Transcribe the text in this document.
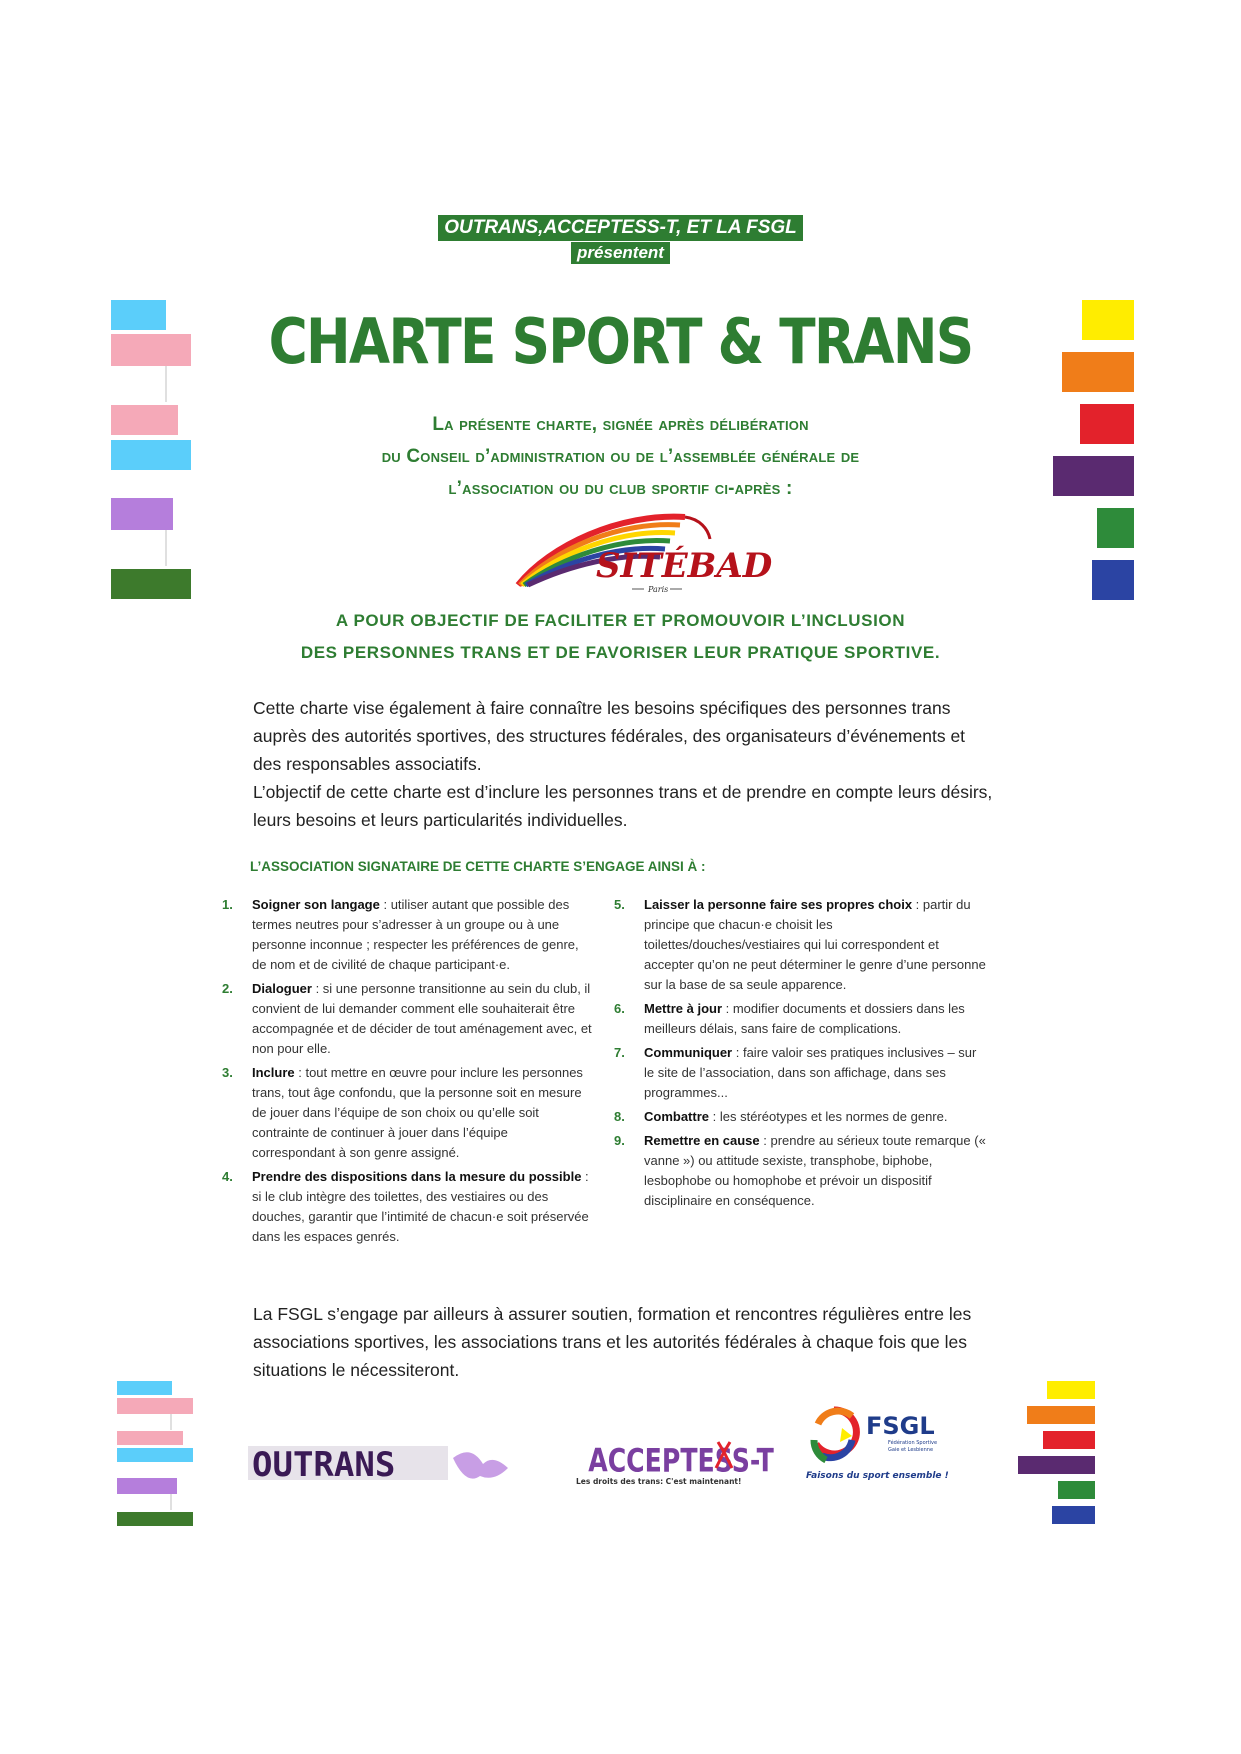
OUTRANS,ACCEPTESS-T, ET LA FSGL
présentent
CHARTE SPORT & TRANS
La présente charte, signée après délibération
du Conseil d’administration ou de l’assemblée générale de
l’association ou du club sportif ci-après :
SITÉBAD
Paris
A POUR OBJECTIF DE FACILITER ET PROMOUVOIR L’INCLUSION
DES PERSONNES TRANS ET DE FAVORISER LEUR PRATIQUE SPORTIVE.

Cette charte vise également à faire connaître les besoins spécifiques des personnes trans auprès des autorités sportives, des structures fédérales, des organisateurs d’événements et des responsables associatifs.

L’objectif de cette charte est d’inclure les personnes trans et de prendre en compte leurs désirs, leurs besoins et leurs particularités individuelles.

L’ASSOCIATION SIGNATAIRE DE CETTE CHARTE S’ENGAGE AINSI À :
1.	Soigner son langage : utiliser autant que possible des termes neutres pour s’adresser à un groupe ou à une personne inconnue ; respecter les préférences de genre, de nom et de civilité de chaque participant·e.
2.	Dialoguer : si une personne transitionne au sein du club, il convient de lui demander comment elle souhaiterait être accompagnée et de décider de tout aménagement avec, et non pour elle.
3.	Inclure : tout mettre en œuvre pour inclure les personnes trans, tout âge confondu, que la personne soit en mesure de jouer dans l’équipe de son choix ou qu’elle soit contrainte de continuer à jouer dans l’équipe correspondant à son genre assigné.
4.	Prendre des dispositions dans la mesure du possible : si le club intègre des toilettes, des vestiaires ou des douches, garantir que l’intimité de chacun·e soit préservée dans les espaces genrés.
5.	Laisser la personne faire ses propres choix : partir du principe que chacun·e choisit les toilettes/douches/vestiaires qui lui correspondent et accepter qu’on ne peut déterminer le genre d’une personne sur la base de sa seule apparence.
6.	Mettre à jour : modifier documents et dossiers dans les meilleurs délais, sans faire de complications.
7.	Communiquer : faire valoir ses pratiques inclusives – sur le site de l’association, dans son affichage, dans ses programmes...
8.	Combattre : les stéréotypes et les normes de genre.
9.	Remettre en cause : prendre au sérieux toute remarque (« vanne ») ou attitude sexiste, transphobe, biphobe, lesbophobe ou homophobe et prévoir un dispositif disciplinaire en conséquence.
La FSGL s’engage par ailleurs à assurer soutien, formation et rencontres régulières entre les associations sportives, les associations trans et les autorités fédérales à chaque fois que les situations le nécessiteront.
OUTRANS	ACCEPTESS-T
Les droits des trans: C'est maintenant!
FSGL
Fédération Sportive
Gaie et Lesbienne
Faisons du sport ensemble !
